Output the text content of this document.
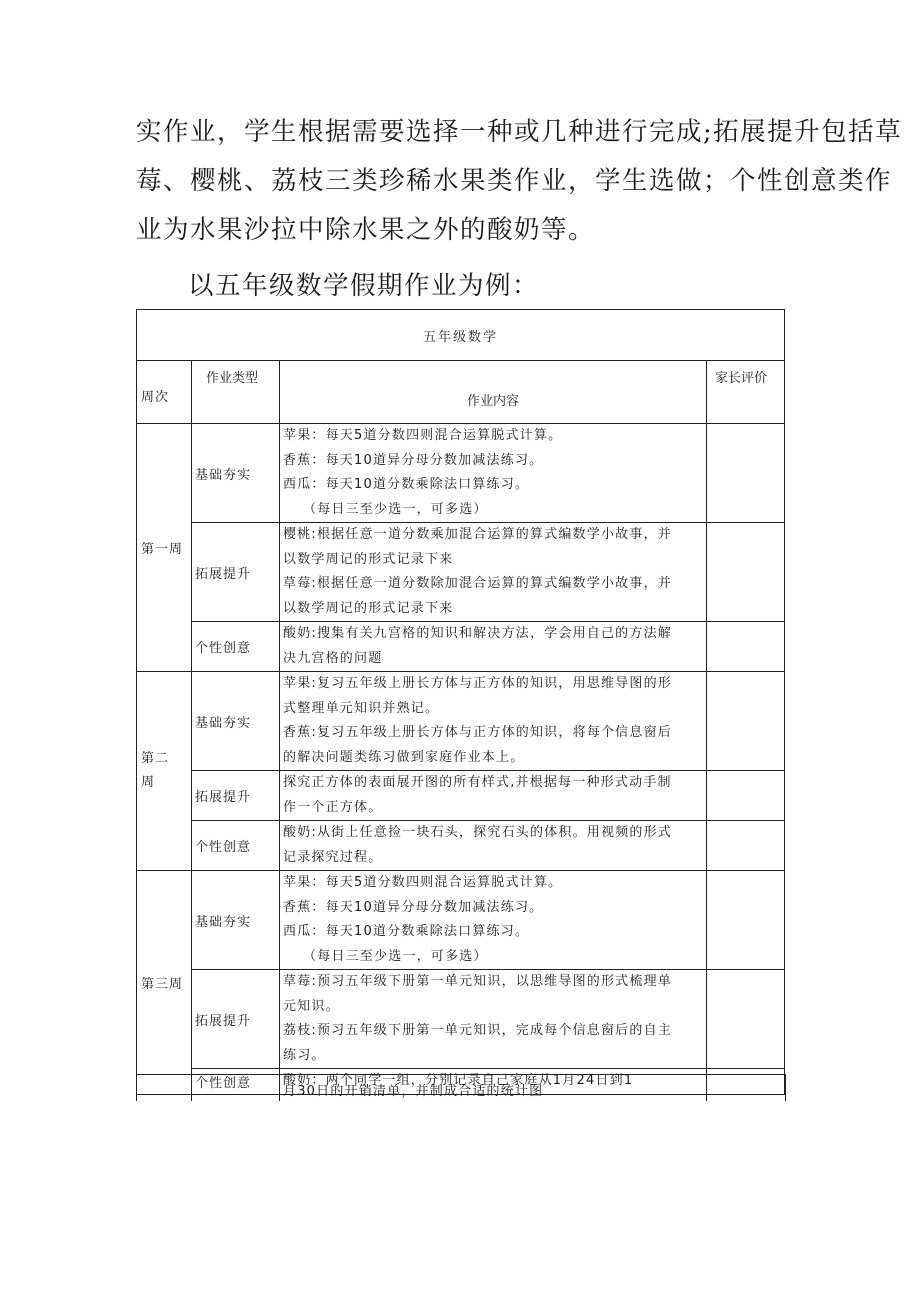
实作业，学生根据需要选择一种或几种进行完成;拓展提升包括草

莓、樱桃、荔枝三类珍稀水果类作业，学生选做；个性创意类作

业为水果沙拉中除水果之外的酸奶等。

以五年级数学假期作业为例：

五年级数学			
周次	作业类型	作业内容	家长评价
第一周	基础夯实	苹果：每天5道分数四则混合运算脱式计算。
香蕉：每天10道异分母分数加减法练习。
西瓜：每天10道分数乘除法口算练习。
（每日三至少选一，可多选）	

	拓展提升	樱桃:根据任意一道分数乘加混合运算的算式编数学小故事，并
以数学周记的形式记录下来
草莓:根据任意一道分数除加混合运算的算式编数学小故事，并
以数学周记的形式记录下来	

	个性创意	酸奶:搜集有关九宫格的知识和解决方法，学会用自己的方法解
决九宫格的问题	

第二周	基础夯实	苹果:复习五年级上册长方体与正方体的知识，用思维导图的形
式整理单元知识并熟记。
香蕉:复习五年级上册长方体与正方体的知识，将每个信息窗后
的解决问题类练习做到家庭作业本上。	

	拓展提升	探究正方体的表面展开图的所有样式,并根据每一种形式动手制
作一个正方体。	

	个性创意	酸奶:从街上任意捡一块石头，探究石头的体积。用视频的形式
记录探究过程。	

第三周	基础夯实	苹果：每天5道分数四则混合运算脱式计算。
香蕉：每天10道异分母分数加减法练习。
西瓜：每天10道分数乘除法口算练习。
（每日三至少选一，可多选）	

	拓展提升	草莓:预习五年级下册第一单元知识，以思维导图的形式梳理单
元知识。
荔枝:预习五年级下册第一单元知识，完成每个信息窗后的自主
练习。	

	个性创意	酸奶：两个同学一组，分别记录自己家庭从1月24日到1	

月30日的开销清单，并制成合适的统计图
